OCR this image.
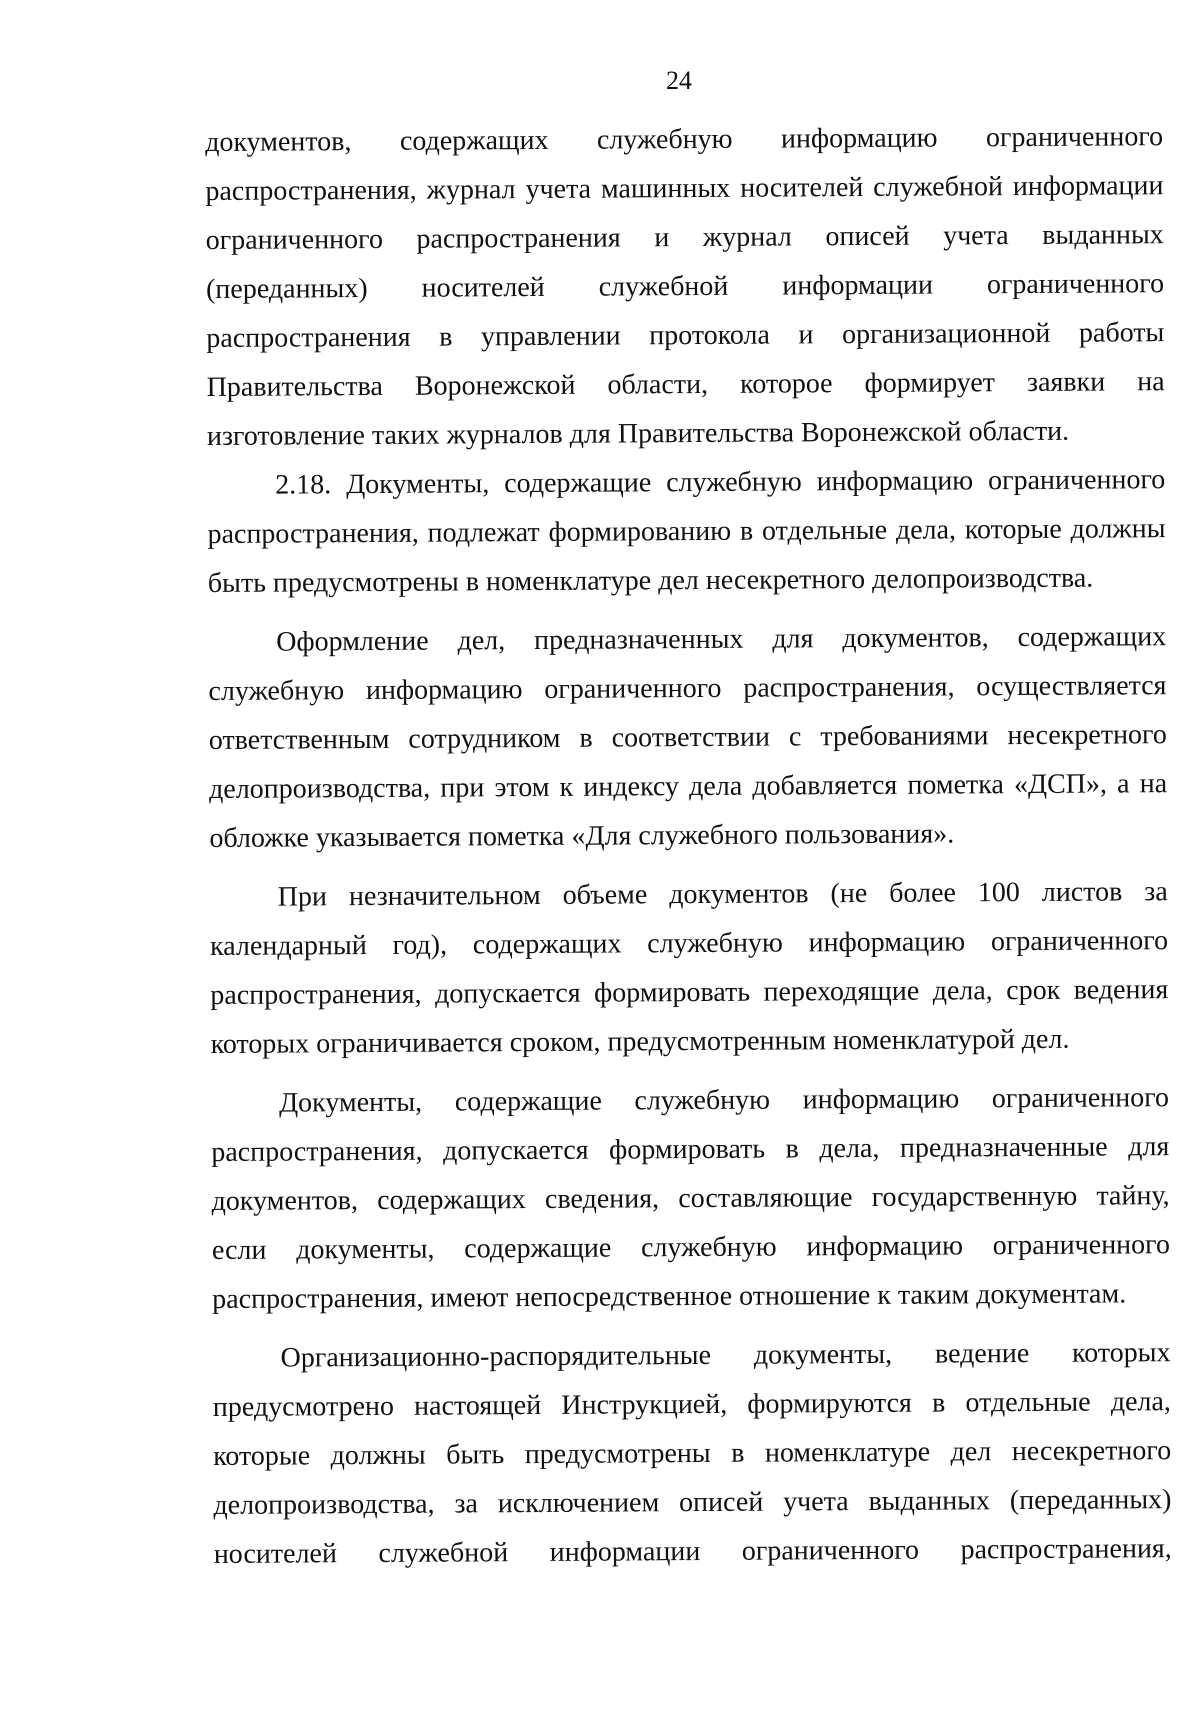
24

документов, содержащих служебную информацию ограниченного распространения, журнал учета машинных носителей служебной информации ограниченного распространения и журнал описей учета выданных (переданных) носителей служебной информации ограниченного распространения в управлении протокола и организационной работы Правительства Воронежской области, которое формирует заявки на изготовление таких журналов для Правительства Воронежской области.

2.18. Документы, содержащие служебную информацию ограниченного распространения, подлежат формированию в отдельные дела, которые должны быть предусмотрены в номенклатуре дел несекретного делопроизводства.

Оформление дел, предназначенных для документов, содержащих служебную информацию ограниченного распространения, осуществляется ответственным сотрудником в соответствии с требованиями несекретного делопроизводства, при этом к индексу дела добавляется пометка «ДСП», а на обложке указывается пометка «Для служебного пользования».

При незначительном объеме документов (не более 100 листов за календарный год), содержащих служебную информацию ограниченного распространения, допускается формировать переходящие дела, срок ведения которых ограничивается сроком, предусмотренным номенклатурой дел.

Документы, содержащие служебную информацию ограниченного распространения, допускается формировать в дела, предназначенные для документов, содержащих сведения, составляющие государственную тайну, если документы, содержащие служебную информацию ограниченного распространения, имеют непосредственное отношение к таким документам.

Организационно-распорядительные документы, ведение которых предусмотрено настоящей Инструкцией, формируются в отдельные дела, которые должны быть предусмотрены в номенклатуре дел несекретного делопроизводства, за исключением описей учета выданных (переданных) носителей служебной информации ограниченного распространения,
